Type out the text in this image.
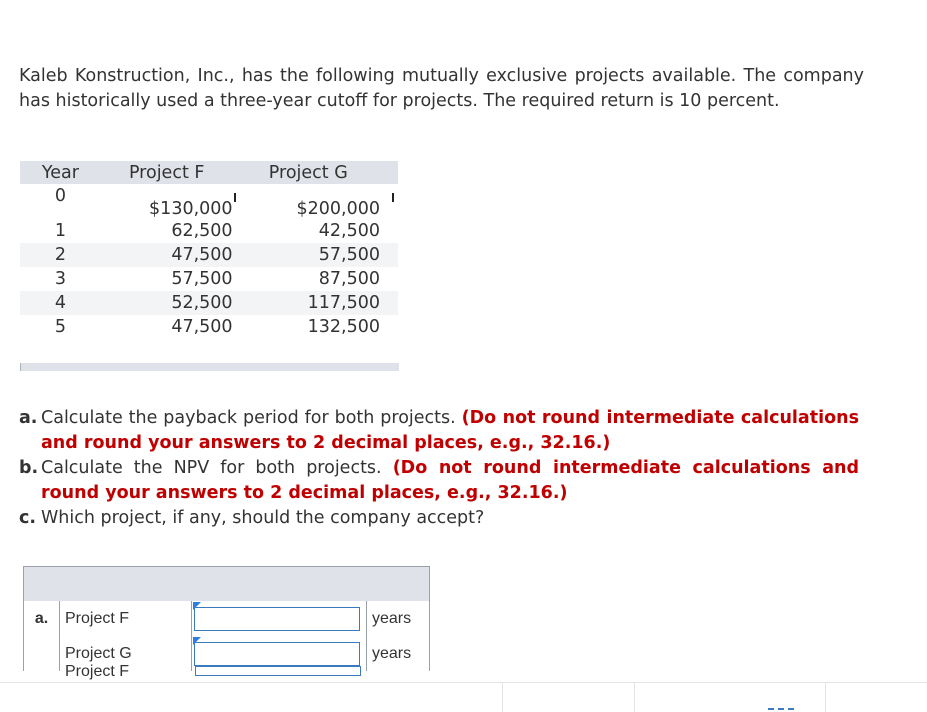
Kaleb Konstruction, Inc., has the following mutually exclusive projects available. The company has historically used a three-year cutoff for projects. The required return is 10 percent.

Year	Project F	Project G
0	$130,000	$200,000
1	62,500	42,500
2	47,500	57,500
3	57,500	87,500
4	52,500	117,500
5	47,500	132,500
a. Calculate the payback period for both projects. (Do not round intermediate calculations and round your answers to 2 decimal places, e.g., 32.16.)
b. Calculate the NPV for both projects. (Do not round intermediate calculations and round your answers to 2 decimal places, e.g., 32.16.)
c. Which project, if any, should the company accept?

a.	Project F		years
	Project G		years
Project F
